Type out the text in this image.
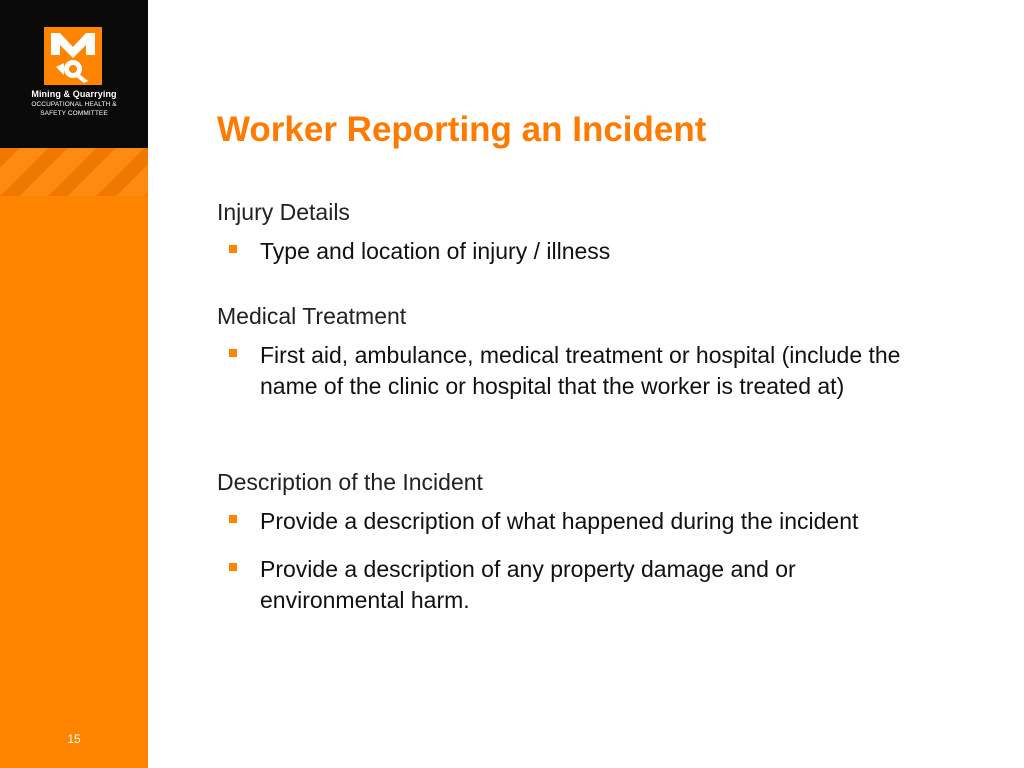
Mining & Quarrying
OCCUPATIONAL HEALTH &
SAFETY COMMITTEE
15
Worker Reporting an Incident
Injury Details
Type and location of injury / illness
Medical Treatment
First aid, ambulance, medical treatment or hospital (include the name of the clinic or hospital that the worker is treated at)
Description of the Incident
Provide a description of what happened during the incident
Provide a description of any property damage and or environmental harm.
